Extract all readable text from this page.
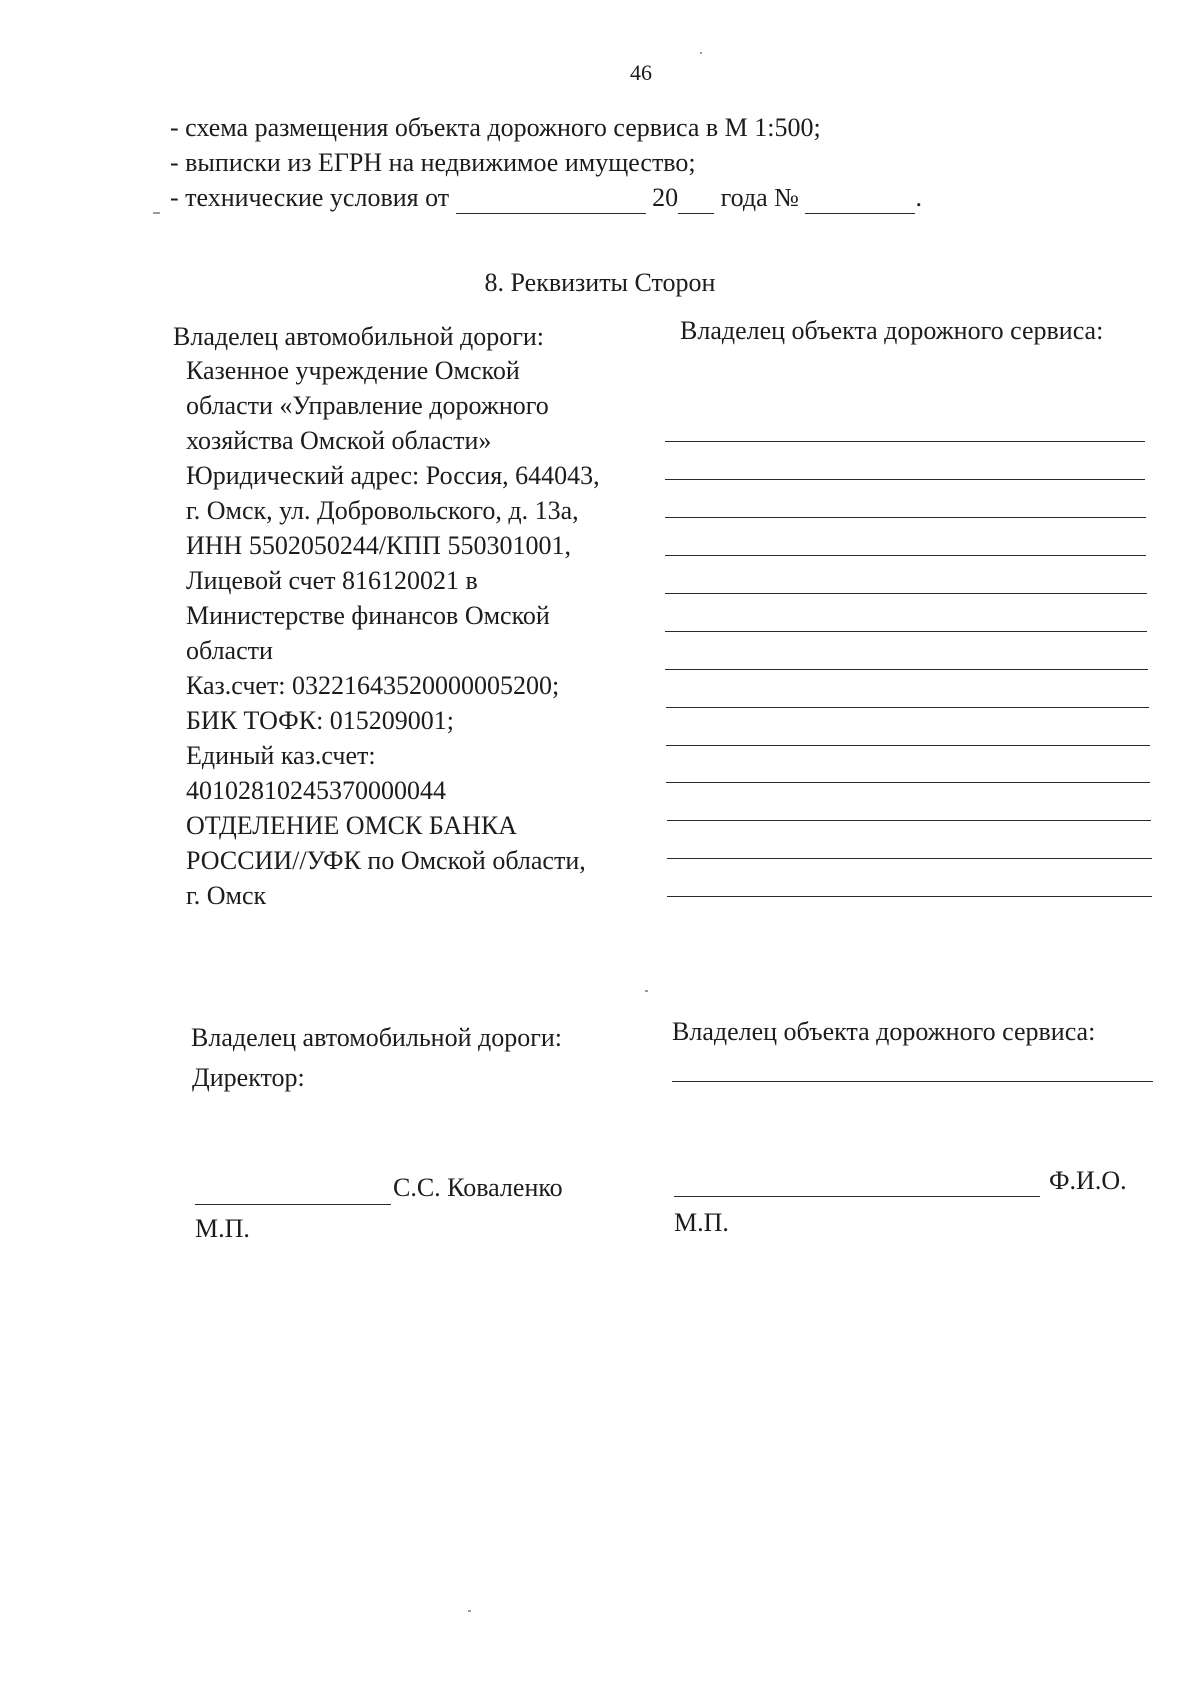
46
- схема размещения объекта дорожного сервиса в М 1:500;
- выписки из ЕГРН на недвижимое имущество;
- технические условия от	20 года №	.
8. Реквизиты Сторон
Владелец автомобильной дороги:
Казенное учреждение Омской
области «Управление дорожного
хозяйства Омской области»
Юридический адрес: Россия, 644043,
г. Омск, ул. Добровольского, д. 13а,
ИНН 5502050244/КПП 550301001,
Лицевой счет 816120021 в
Министерстве финансов Омской
области
Каз.счет: 03221643520000005200;
БИК ТОФК: 015209001;
Единый каз.счет:
40102810245370000044
ОТДЕЛЕНИЕ ОМСК БАНКА
РОССИИ//УФК по Омской области,
г. Омск
Владелец объекта дорожного сервиса:
Владелец автомобильной дороги:
Директор:
С.С. Коваленко
М.П.
Владелец объекта дорожного сервиса:
Ф.И.О.
М.П.
